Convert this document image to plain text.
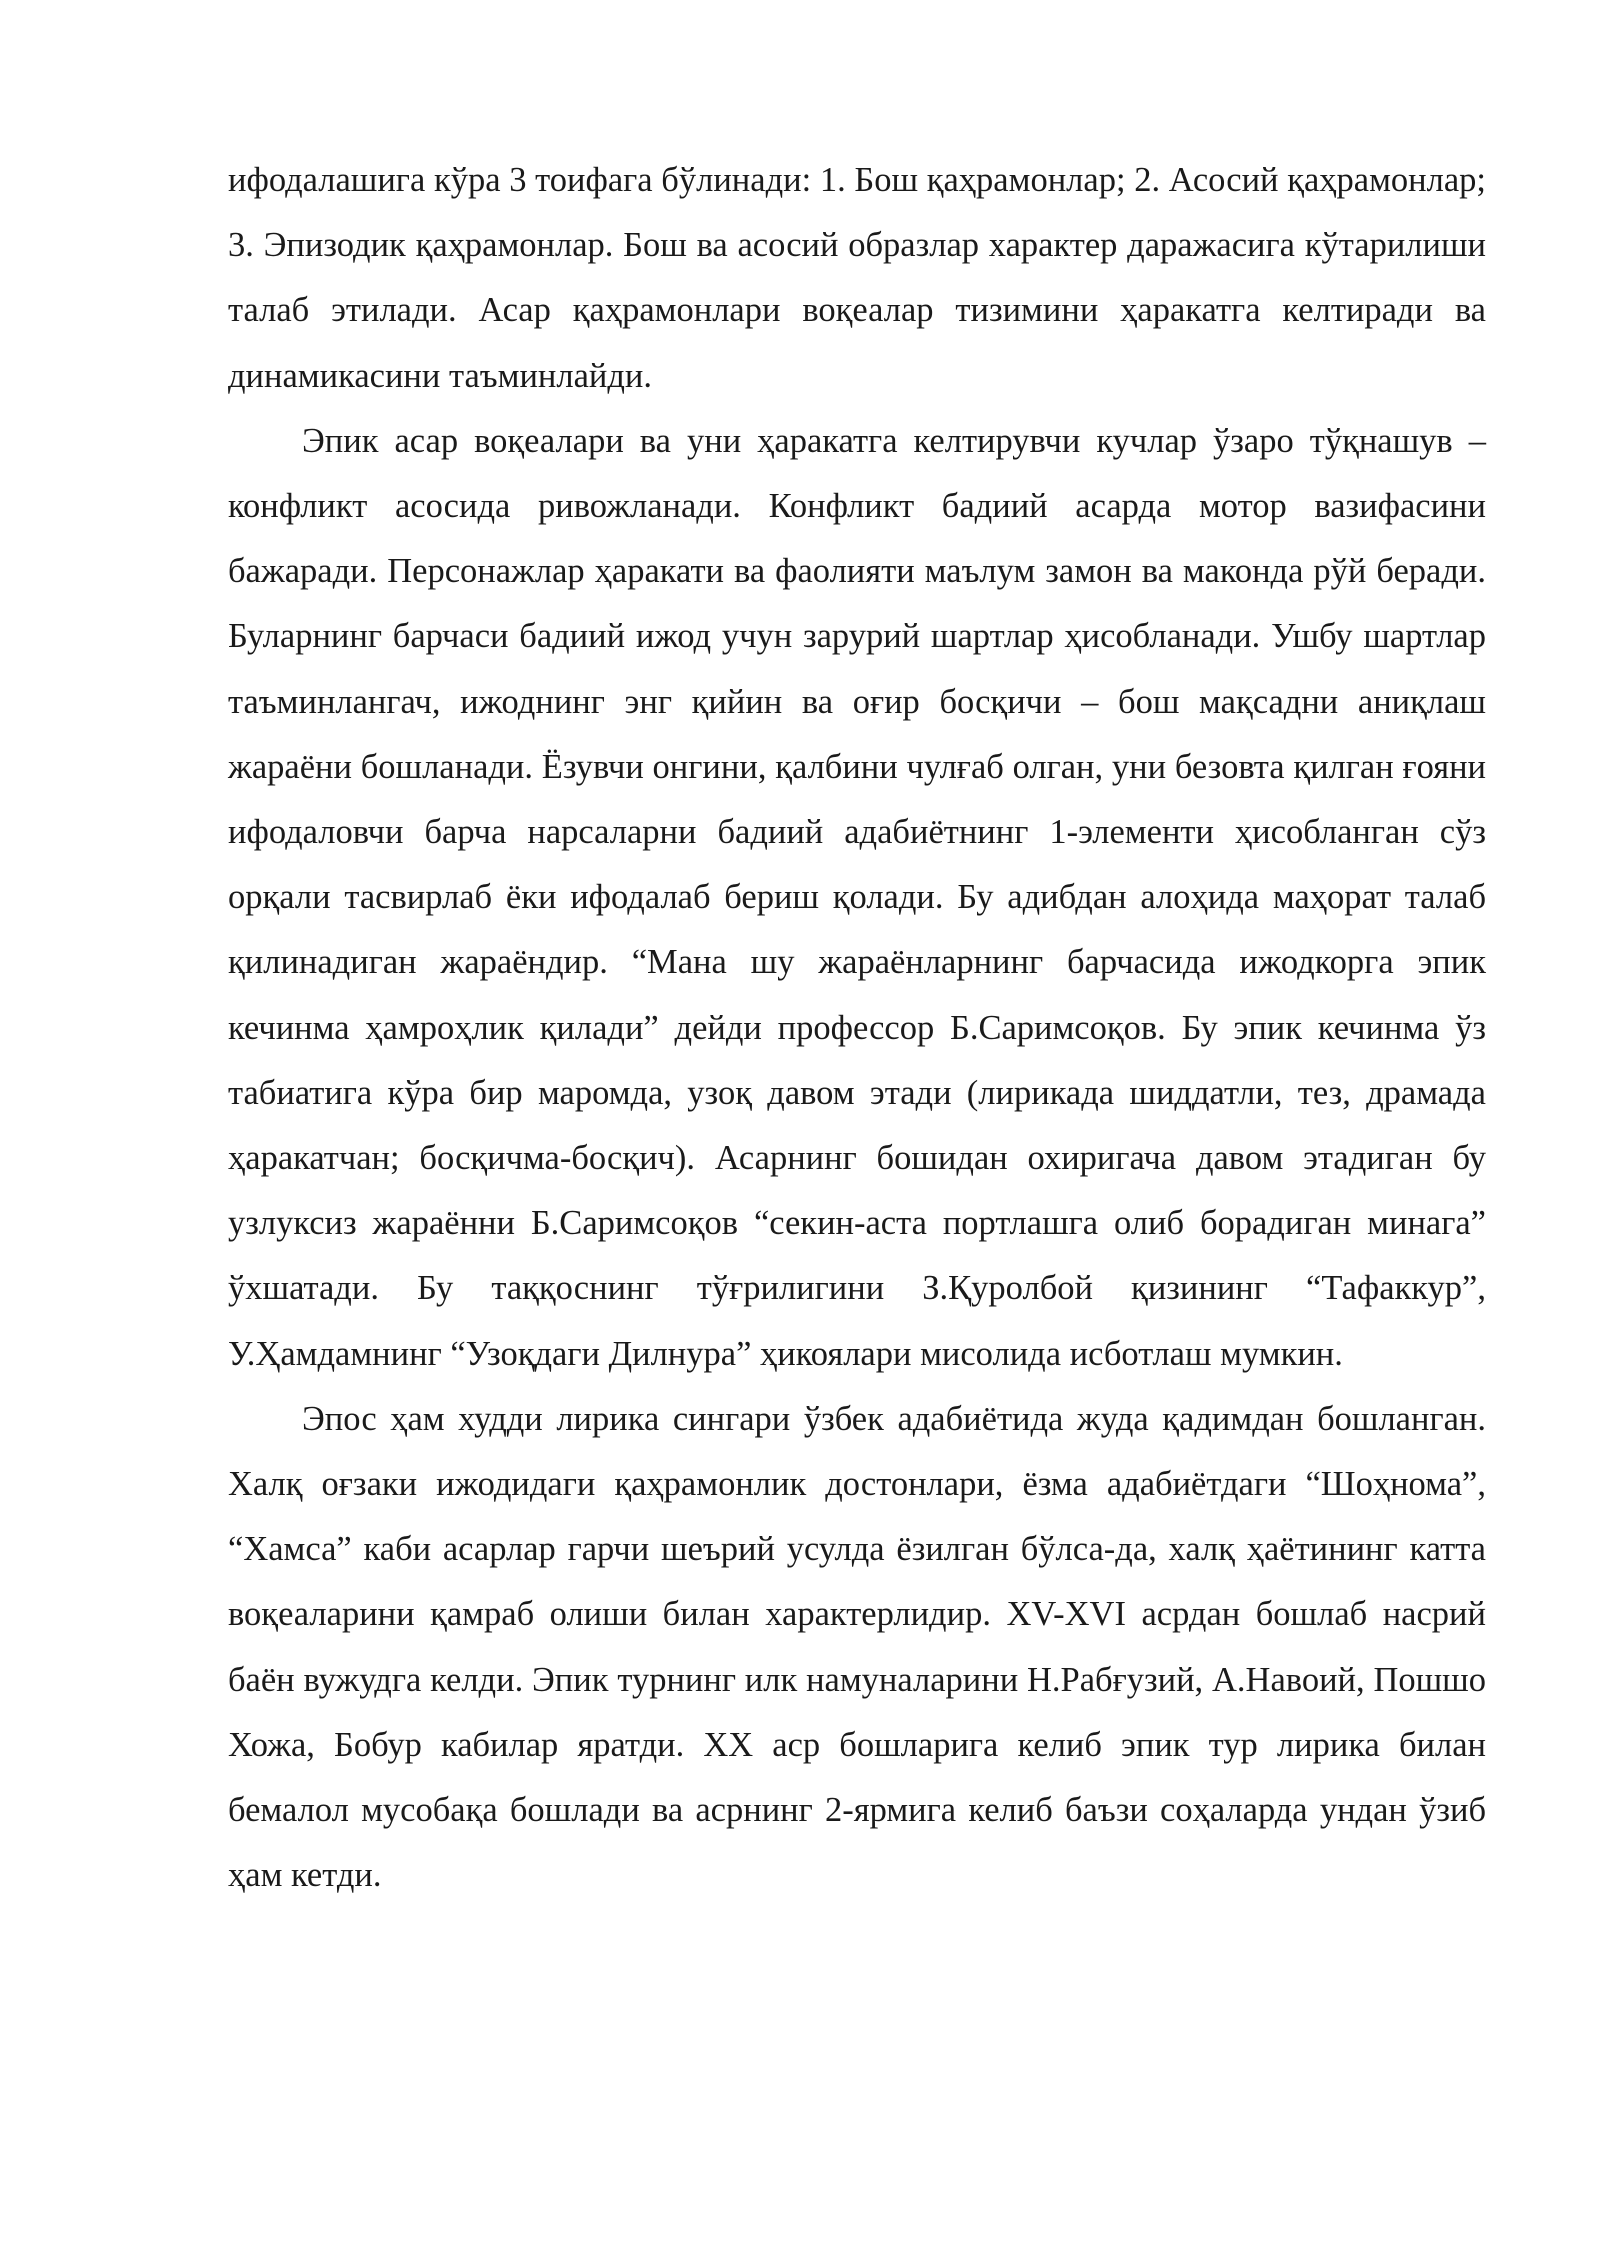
ифодалашига кўра 3 тоифага бўлинади: 1. Бош қаҳрамонлар; 2. Асосий қаҳрамонлар; 3. Эпизодик қаҳрамонлар. Бош ва асосий образлар характер даражасига кўтарилиши талаб этилади. Асар қаҳрамонлари воқеалар тизимини ҳаракатга келтиради ва динамикасини таъминлайди.

Эпик асар воқеалари ва уни ҳаракатга келтирувчи кучлар ўзаро тўқнашув – конфликт асосида ривожланади. Конфликт бадиий асарда мотор вазифасини бажаради. Персонажлар ҳаракати ва фаолияти маълум замон ва маконда рўй беради. Буларнинг барчаси бадиий ижод учун зарурий шартлар ҳисобланади. Ушбу шартлар таъминлангач, ижоднинг энг қийин ва оғир босқичи – бош мақсадни аниқлаш жараёни бошланади. Ёзувчи онгини, қалбини чулғаб олган, уни безовта қилган ғояни ифодаловчи барча нарсаларни бадиий адабиётнинг 1-элементи ҳисобланган сўз орқали тасвирлаб ёки ифодалаб бериш қолади. Бу адибдан алоҳида маҳорат талаб қилинадиган жараёндир. “Мана шу жараёнларнинг барчасида ижодкорга эпик кечинма ҳамроҳлик қилади” дейди профессор Б.Саримсоқов. Бу эпик кечинма ўз табиатига кўра бир маромда, узоқ давом этади (лирикада шиддатли, тез, драмада ҳаракатчан; босқичма-босқич). Асарнинг бошидан охиригача давом этадиган бу узлуксиз жараённи Б.Саримсоқов “секин-аста портлашга олиб борадиган минага” ўхшатади. Бу таққоснинг тўғрилигини З.Қуролбой қизининг “Тафаккур”, У.Ҳамдамнинг “Узоқдаги Дилнура” ҳикоялари мисолида исботлаш мумкин.

Эпос ҳам худди лирика сингари ўзбек адабиётида жуда қадимдан бошланган. Халқ оғзаки ижодидаги қаҳрамонлик достонлари, ёзма адабиётдаги “Шоҳнома”, “Хамса” каби асарлар гарчи шеърий усулда ёзилган бўлса-да, халқ ҳаётининг катта воқеаларини қамраб олиши билан характерлидир. XV-XVI асрдан бошлаб насрий баён вужудга келди. Эпик турнинг илк намуналарини Н.Рабғузий, А.Навоий, Пошшо Хожа, Бобур кабилар яратди. XX аср бошларига келиб эпик тур лирика билан бемалол мусобақа бошлади ва асрнинг 2-ярмига келиб баъзи соҳаларда ундан ўзиб ҳам кетди.
